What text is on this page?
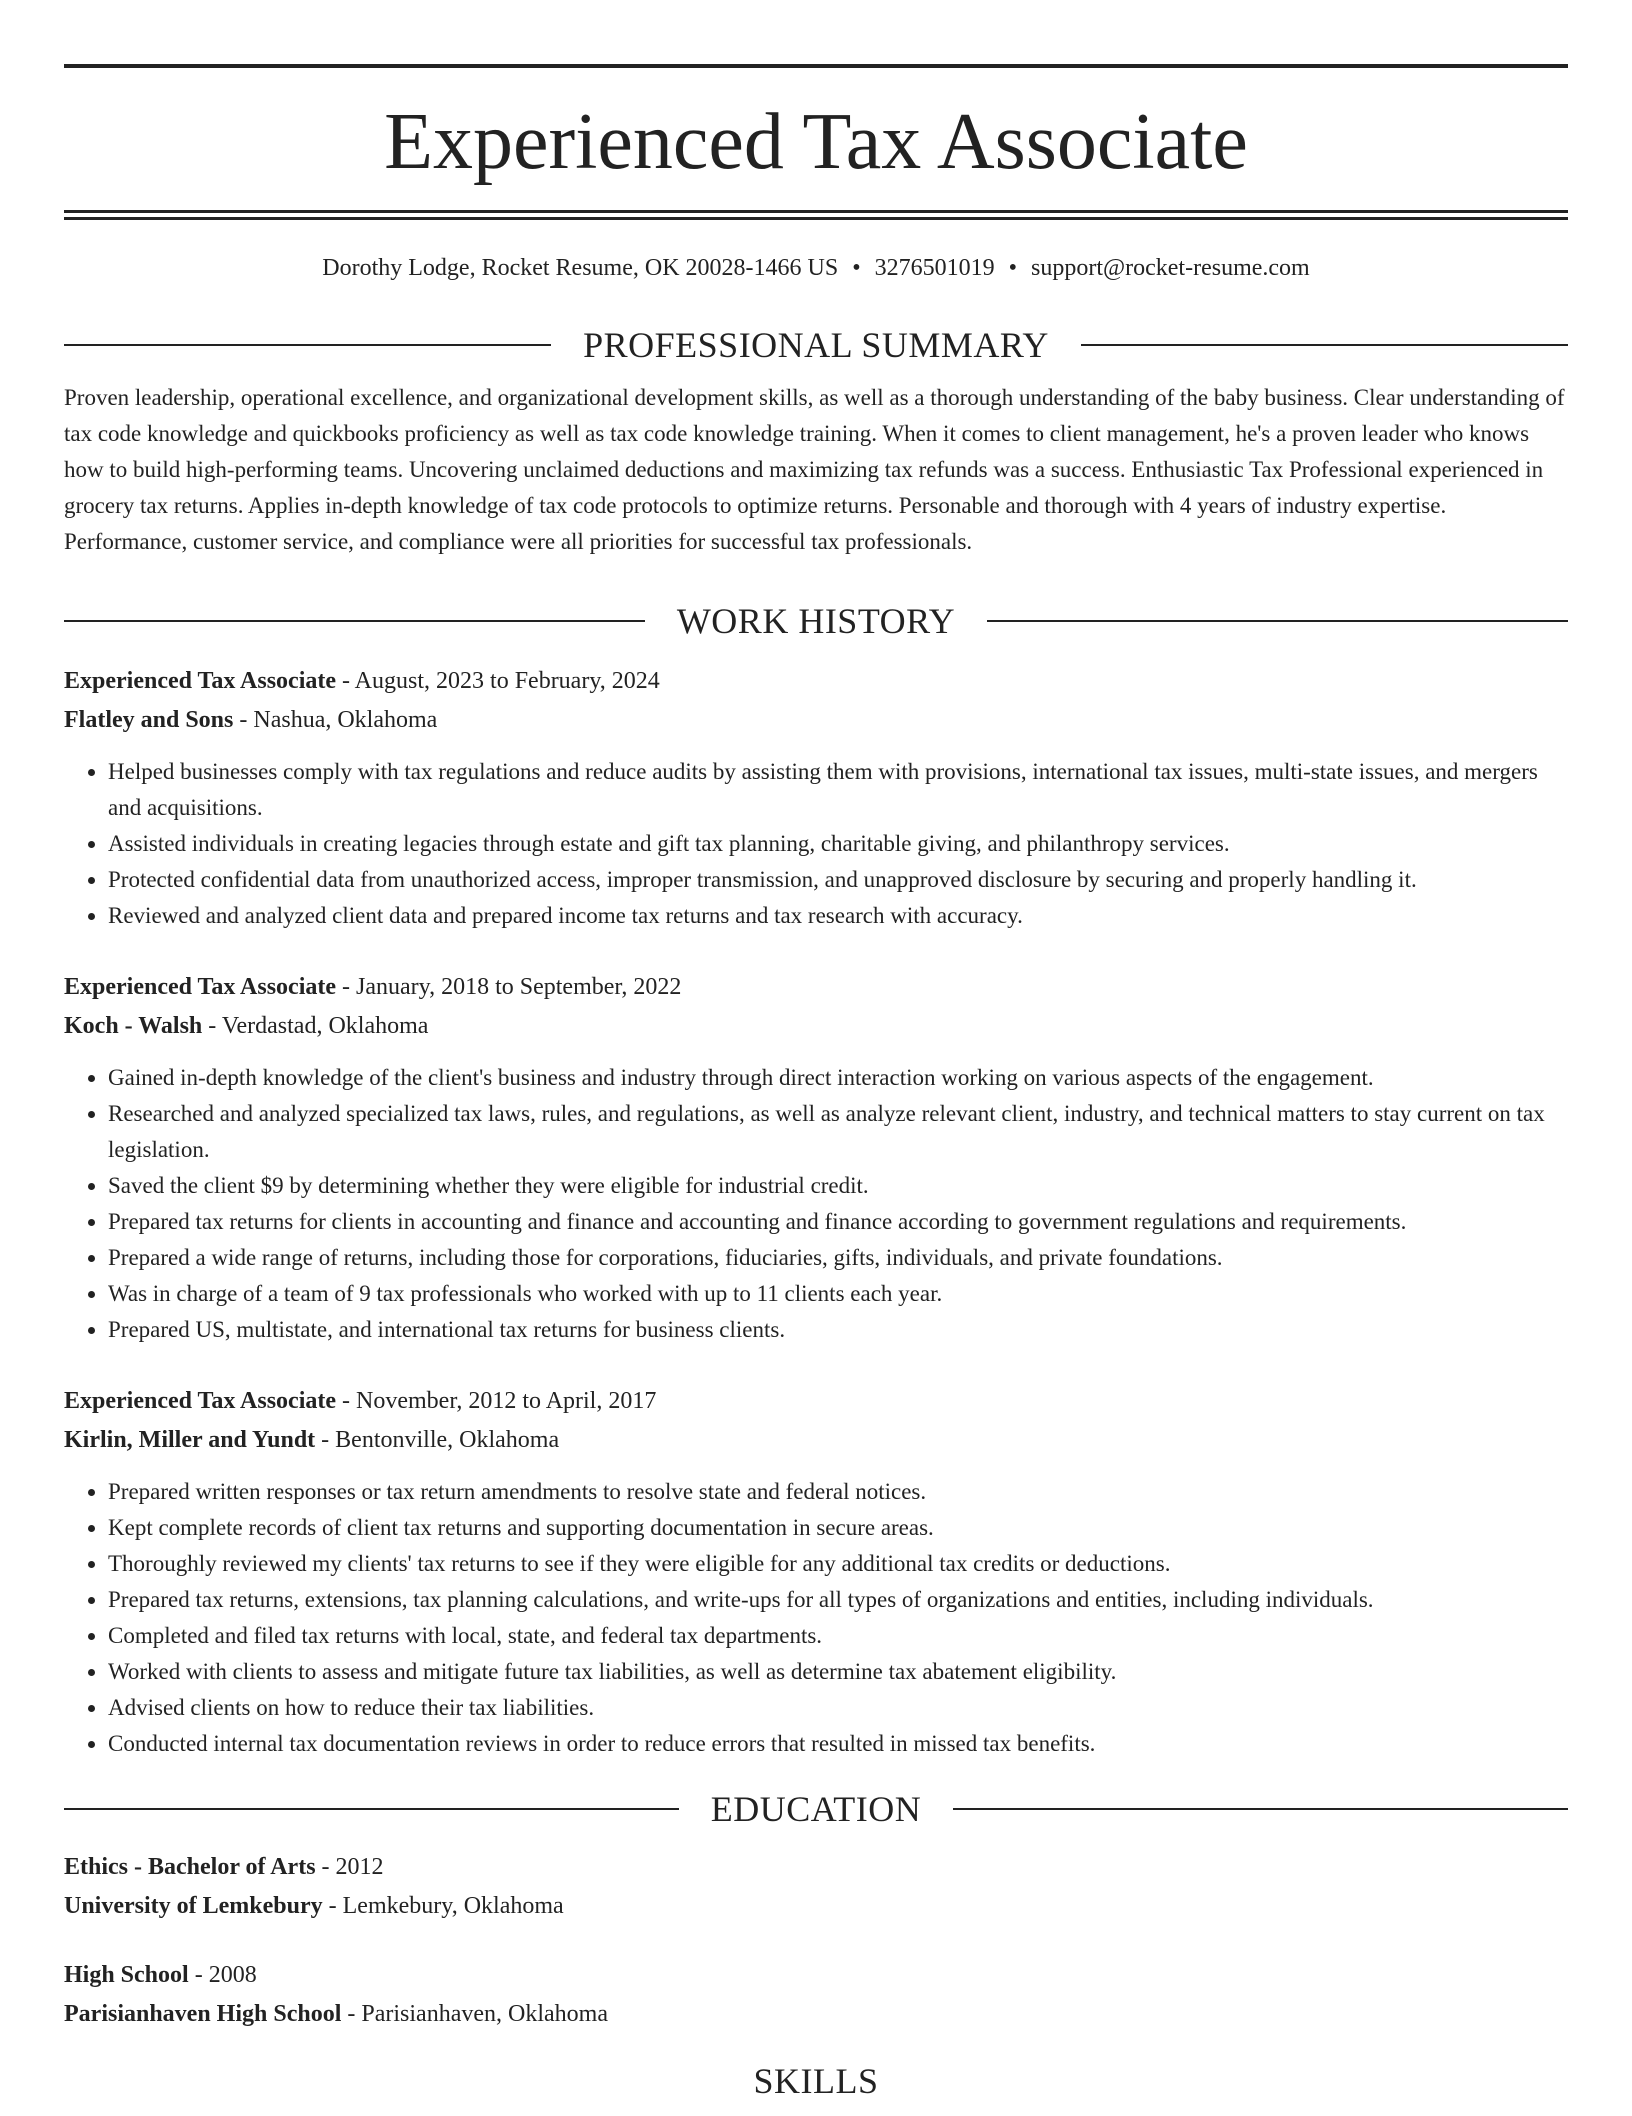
Experienced Tax Associate
Dorothy Lodge, Rocket Resume, OK 20028-1466 US • 3276501019 • support@rocket-resume.com
PROFESSIONAL SUMMARY

Proven leadership, operational excellence, and organizational development skills, as well as a thorough understanding of the baby business. Clear understanding of tax code knowledge and quickbooks proficiency as well as tax code knowledge training. When it comes to client management, he's a proven leader who knows how to build high-performing teams. Uncovering unclaimed deductions and maximizing tax refunds was a success. Enthusiastic Tax Professional experienced in grocery tax returns. Applies in-depth knowledge of tax code protocols to optimize returns. Personable and thorough with 4 years of industry expertise. Performance, customer service, and compliance were all priorities for successful tax professionals.

WORK HISTORY
Experienced Tax Associate - August, 2023 to February, 2024
Flatley and Sons - Nashua, Oklahoma
• Helped businesses comply with tax regulations and reduce audits by assisting them with provisions, international tax issues, multi-state issues, and mergers and acquisitions.
• Assisted individuals in creating legacies through estate and gift tax planning, charitable giving, and philanthropy services.
• Protected confidential data from unauthorized access, improper transmission, and unapproved disclosure by securing and properly handling it.
• Reviewed and analyzed client data and prepared income tax returns and tax research with accuracy.
Experienced Tax Associate - January, 2018 to September, 2022
Koch - Walsh - Verdastad, Oklahoma
• Gained in-depth knowledge of the client's business and industry through direct interaction working on various aspects of the engagement.
• Researched and analyzed specialized tax laws, rules, and regulations, as well as analyze relevant client, industry, and technical matters to stay current on tax legislation.
• Saved the client $9 by determining whether they were eligible for industrial credit.
• Prepared tax returns for clients in accounting and finance and accounting and finance according to government regulations and requirements.
• Prepared a wide range of returns, including those for corporations, fiduciaries, gifts, individuals, and private foundations.
• Was in charge of a team of 9 tax professionals who worked with up to 11 clients each year.
• Prepared US, multistate, and international tax returns for business clients.
Experienced Tax Associate - November, 2012 to April, 2017
Kirlin, Miller and Yundt - Bentonville, Oklahoma
• Prepared written responses or tax return amendments to resolve state and federal notices.
• Kept complete records of client tax returns and supporting documentation in secure areas.
• Thoroughly reviewed my clients' tax returns to see if they were eligible for any additional tax credits or deductions.
• Prepared tax returns, extensions, tax planning calculations, and write-ups for all types of organizations and entities, including individuals.
• Completed and filed tax returns with local, state, and federal tax departments.
• Worked with clients to assess and mitigate future tax liabilities, as well as determine tax abatement eligibility.
• Advised clients on how to reduce their tax liabilities.
• Conducted internal tax documentation reviews in order to reduce errors that resulted in missed tax benefits.
EDUCATION
Ethics - Bachelor of Arts - 2012
University of Lemkebury - Lemkebury, Oklahoma
High School - 2008
Parisianhaven High School - Parisianhaven, Oklahoma
SKILLS
